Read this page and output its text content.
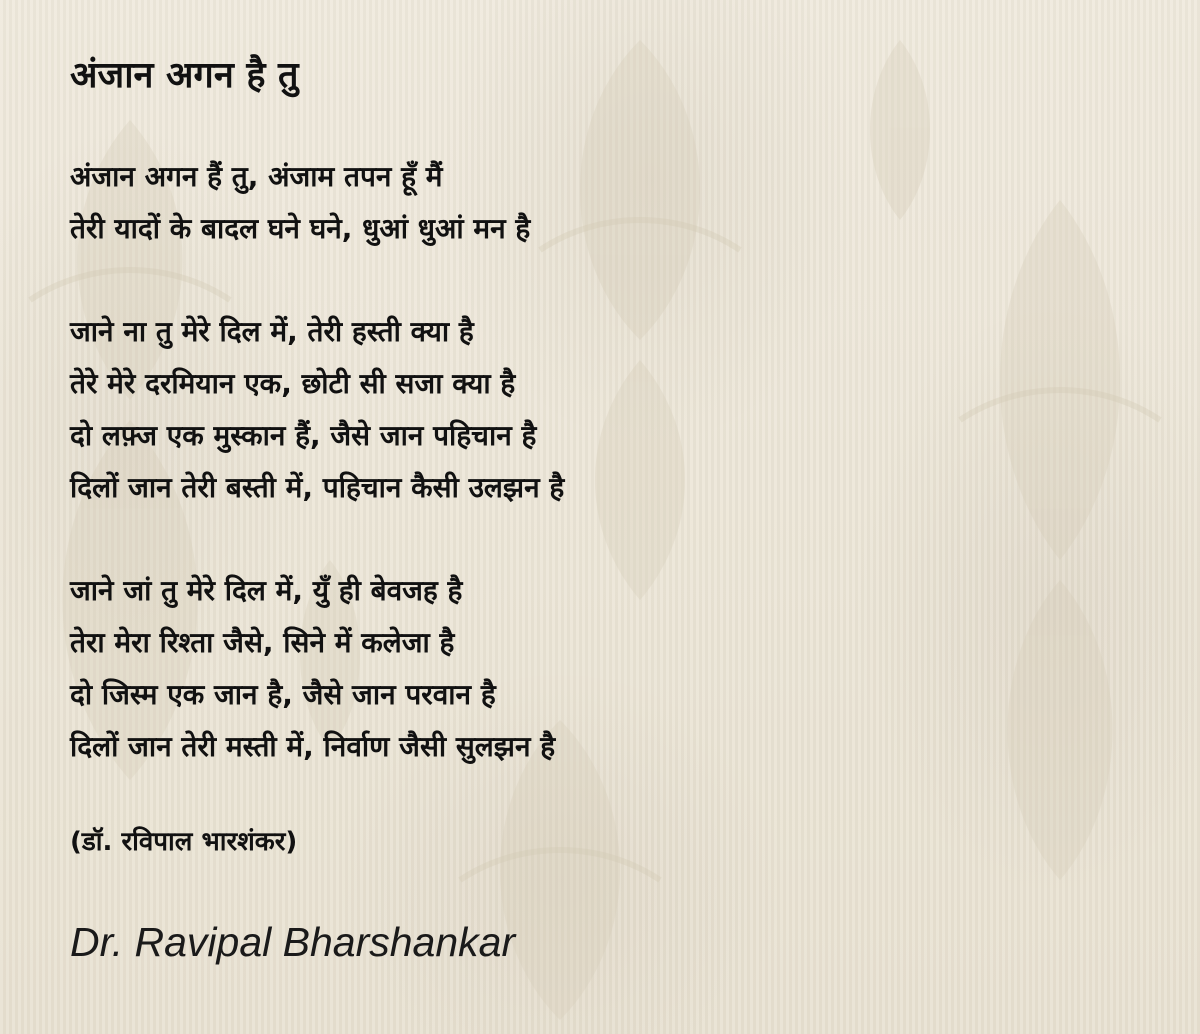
अंजान अगन है तु
अंजान अगन हैं तु, अंजाम तपन हूँ मैं
तेरी यादों के बादल घने घने, धुआं धुआं मन है
जाने ना तु मेरे दिल में, तेरी हस्ती क्या है
तेरे मेरे दरमियान एक, छोटी सी सजा क्या है
दो लफ़्ज एक मुस्कान हैं, जैसे जान पहिचान है
दिलों जान तेरी बस्ती में, पहिचान कैसी उलझन है
जाने जां तु मेरे दिल में, युँ ही बेवजह है
तेरा मेरा रिश्ता जैसे, सिने में कलेजा है
दो जिस्म एक जान है, जैसे जान परवान है
दिलों जान तेरी मस्ती में, निर्वाण जैसी सुलझन है
(डॉ. रविपाल भारशंकर)
Dr. Ravipal Bharshankar
